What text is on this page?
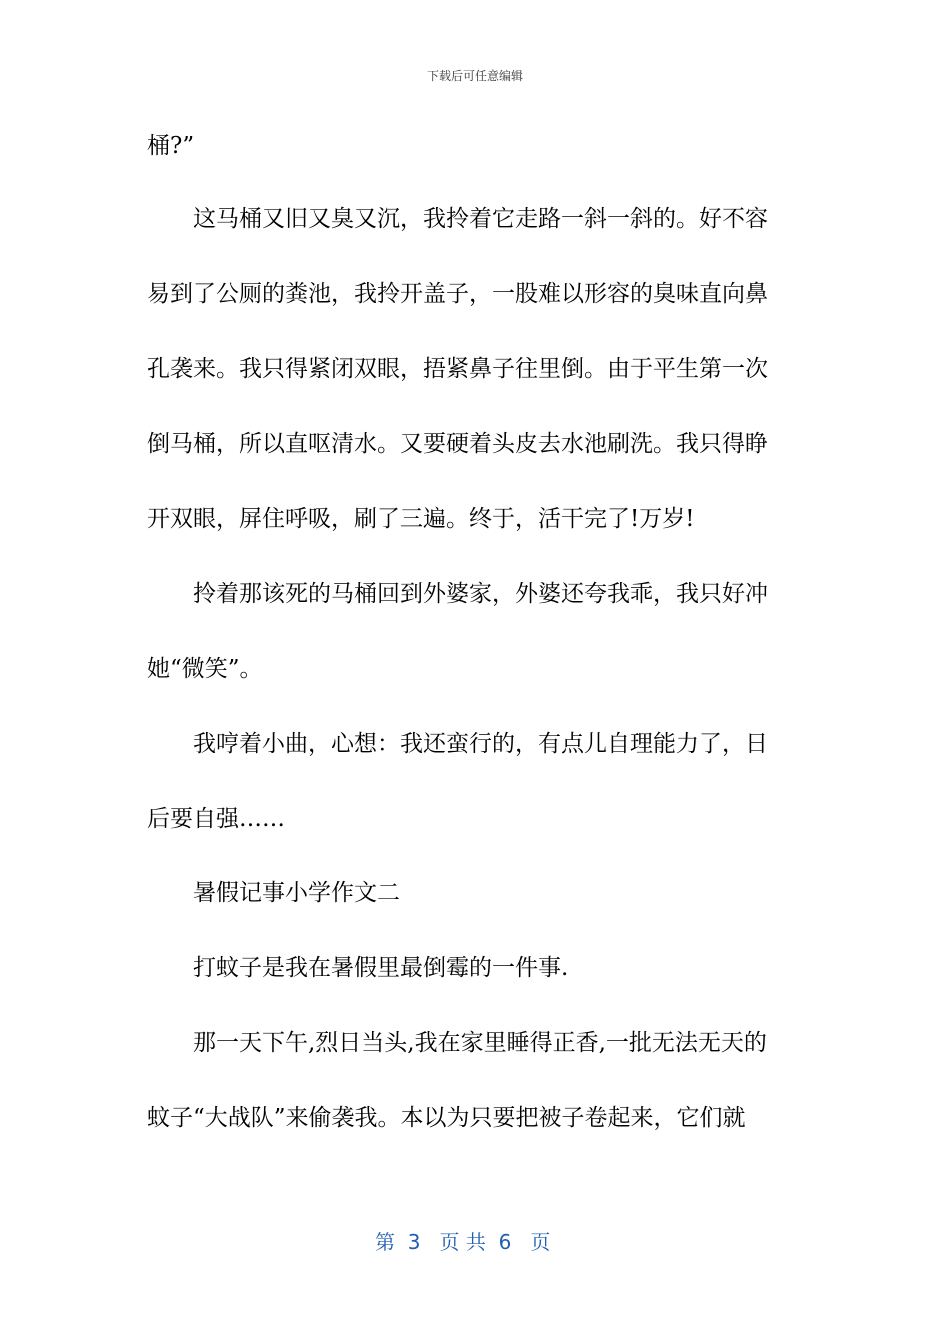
下载后可任意编辑
桶?”
这马桶又旧又臭又沉，我拎着它走路一斜一斜的。好不容
易到了公厕的粪池，我拎开盖子，一股难以形容的臭味直向鼻
孔袭来。我只得紧闭双眼，捂紧鼻子往里倒。由于平生第一次
倒马桶，所以直呕清水。又要硬着头皮去水池刷洗。我只得睁
开双眼，屏住呼吸，刷了三遍。终于，活干完了!万岁!
拎着那该死的马桶回到外婆家，外婆还夸我乖，我只好冲
她“微笑”。
我哼着小曲，心想：我还蛮行的，有点儿自理能力了，日
后要自强……
暑假记事小学作文二
打蚊子是我在暑假里最倒霉的一件事.
那一天下午,烈日当头,我在家里睡得正香,一批无法无天的
蚊子“大战队”来偷袭我。本以为只要把被子卷起来，它们就
第  3   页 共  6   页
